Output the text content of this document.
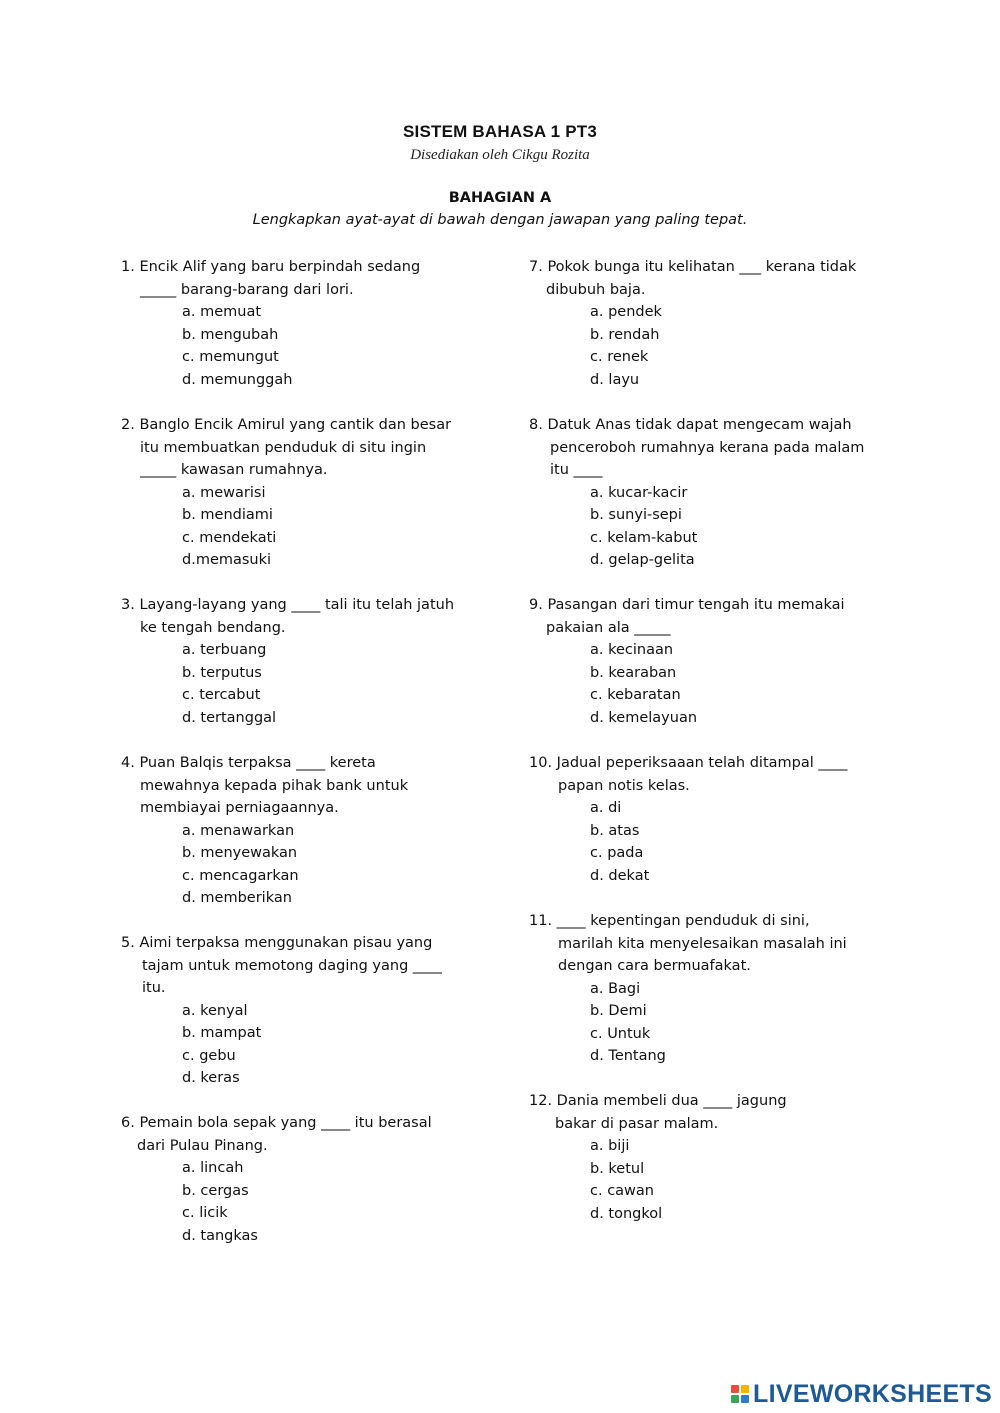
SISTEM BAHASA 1 PT3
Disediakan oleh Cikgu Rozita
BAHAGIAN A
Lengkapkan ayat-ayat di bawah dengan jawapan yang paling tepat.
1. Encik Alif yang baru berpindah sedang
_____ barang-barang dari lori.
a. memuat
b. mengubah
c. memungut
d. memunggah
2. Banglo Encik Amirul yang cantik dan besar
itu membuatkan penduduk di situ ingin
_____ kawasan rumahnya.
a. mewarisi
b. mendiami
c. mendekati
d.memasuki
3. Layang-layang yang ____ tali itu telah jatuh
ke tengah bendang.
a. terbuang
b. terputus
c. tercabut
d. tertanggal
4. Puan Balqis terpaksa ____ kereta
mewahnya kepada pihak bank untuk
membiayai perniagaannya.
a. menawarkan
b. menyewakan
c. mencagarkan
d. memberikan
5. Aimi terpaksa menggunakan pisau yang
tajam untuk memotong daging yang ____
itu.
a. kenyal
b. mampat
c. gebu
d. keras
6. Pemain bola sepak yang ____ itu berasal
dari Pulau Pinang.
a. lincah
b. cergas
c. licik
d. tangkas
7. Pokok bunga itu kelihatan ___ kerana tidak
dibubuh baja.
a. pendek
b. rendah
c. renek
d. layu
8. Datuk Anas tidak dapat mengecam wajah
penceroboh rumahnya kerana pada malam
itu ____
a. kucar-kacir
b. sunyi-sepi
c. kelam-kabut
d. gelap-gelita
9. Pasangan dari timur tengah itu memakai
pakaian ala _____
a. kecinaan
b. kearaban
c. kebaratan
d. kemelayuan
10. Jadual peperiksaaan telah ditampal ____
papan notis kelas.
a. di
b. atas
c. pada
d. dekat
11. ____ kepentingan penduduk di sini,
marilah kita menyelesaikan masalah ini
dengan cara bermuafakat.
a. Bagi
b. Demi
c. Untuk
d. Tentang
12. Dania membeli dua ____ jagung
bakar di pasar malam.
a. biji
b. ketul
c. cawan
d. tongkol
LIVEWORKSHEETS
